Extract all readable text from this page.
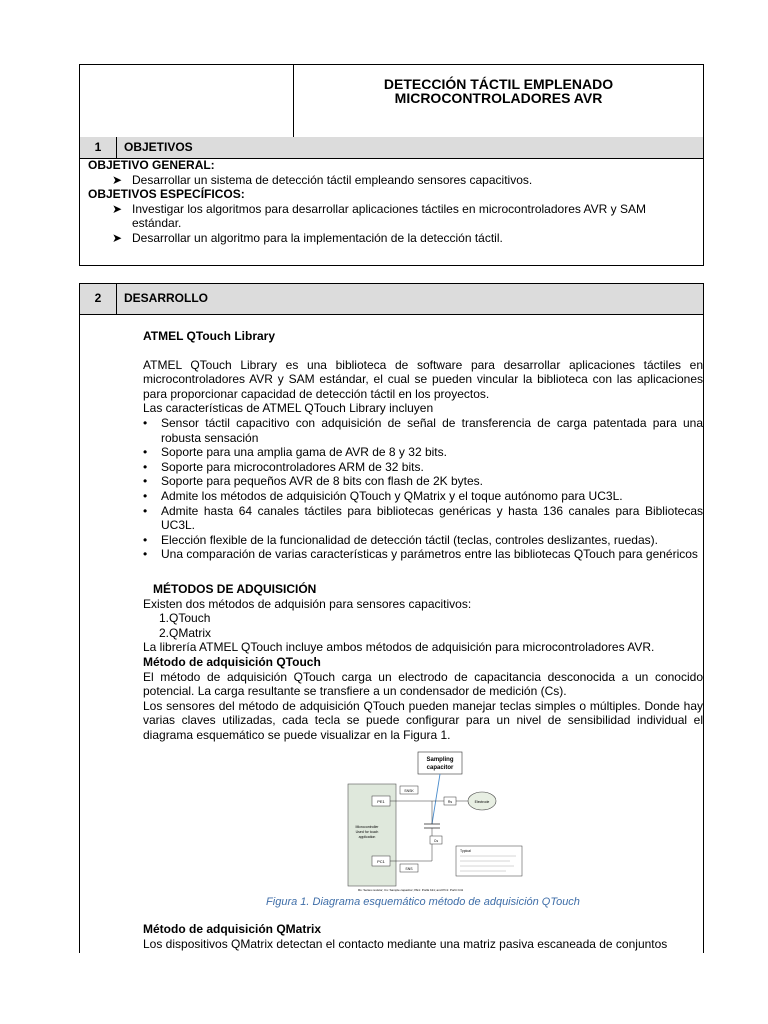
DETECCIÓN TÁCTIL EMPLENADO
MICROCONTROLADORES AVR
1	OBJETIVOS
OBJETIVO GENERAL:
➤ Desarrollar un sistema de detección táctil empleando sensores capacitivos.
OBJETIVOS ESPECÍFICOS:
➤ Investigar los algoritmos para desarrollar aplicaciones táctiles en microcontroladores AVR y SAM estándar.
➤ Desarrollar un algoritmo para la implementación de la detección táctil.
2	DESARROLLO
ATMEL QTouch Library
ATMEL QTouch Library es una biblioteca de software para desarrollar aplicaciones táctiles en microcontroladores AVR y SAM estándar, el cual se pueden vincular la biblioteca con las aplicaciones para proporcionar capacidad de detección táctil en los proyectos.
Las características de ATMEL QTouch Library incluyen
• Sensor táctil capacitivo con adquisición de señal de transferencia de carga patentada para una robusta sensación
• Soporte para una amplia gama de AVR de 8 y 32 bits.
• Soporte para microcontroladores ARM de 32 bits.
• Soporte para pequeños AVR de 8 bits con flash de 2K bytes.
• Admite los métodos de adquisición QTouch y QMatrix y el toque autónomo para UC3L.
• Admite hasta 64 canales táctiles para bibliotecas genéricas y hasta 136 canales para Bibliotecas UC3L.
• Elección flexible de la funcionalidad de detección táctil (teclas, controles deslizantes, ruedas).
• Una comparación de varias características y parámetros entre las bibliotecas QTouch para genéricos
MÉTODOS DE ADQUISICIÓN
Existen dos métodos de adquisión para sensores capacitivos:
1.QTouch
2.QMatrix
La librería ATMEL QTouch incluye ambos métodos de adquisición para microcontroladores AVR.
Método de adquisición QTouch
El método de adquisición QTouch carga un electrodo de capacitancia desconocida a un conocido potencial. La carga resultante se transfiere a un condensador de medición (Cs).
Los sensores del método de adquisición QTouch pueden manejar teclas simples o múltiples. Donde hay varias claves utilizadas, cada tecla se puede configurar para un nivel de sensibilidad individual el diagrama esquemático se puede visualizar en la Figura 1.
PE1
PC1
Microcontroller
Used for touch
application
SNSK
SNS
Sampling
capacitor
Rs	Electrode
Cs
Typical
Rs: Series resistor; Cs: Sample capacitor; PE1: PortE bit1; and PC1: PortC bit1
Figura 1. Diagrama esquemático método de adquisición QTouch
Método de adquisición QMatrix
Los dispositivos QMatrix detectan el contacto mediante una matriz pasiva escaneada de conjuntos
